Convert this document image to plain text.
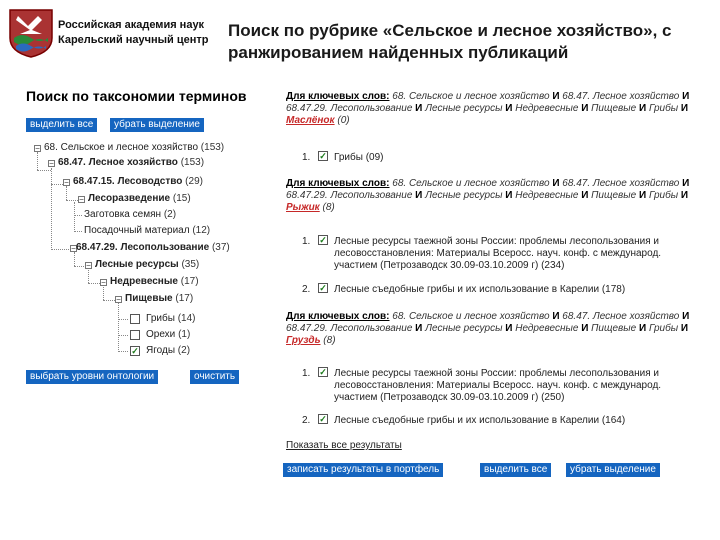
Российская академия наук
Карельский научный центр Поиск по рубрике «Сельское и лесное хозяйство», с
ранжированием найденных публикаций
Поиск по таксономии терминов
выделить все	убрать выделение
− 68. Сельское и лесное хозяйство (153)
− 68.47. Лесное хозяйство (153)
− 68.47.15. Лесоводство (29)
− Лесоразведение (15)
Заготовка семян (2)
Посадочный материал (12)
− 68.47.29. Лесопользование (37)
− Лесные ресурсы (35)
− Недревесные (17)
− Пищевые (17)
Грибы (14)
Орехи (1)
✓ Ягоды (2)
выбрать уровни онтологии	очистить
Для ключевых слов: 68. Сельское и лесное хозяйство И 68.47. Лесное хозяйство И 68.47.29. Лесопользование И Лесные ресурсы И Недревесные И Пищевые И Грибы И Маслёнок (0)
1. ✓ Грибы (09)
Для ключевых слов: 68. Сельское и лесное хозяйство И 68.47. Лесное хозяйство И 68.47.29. Лесопользование И Лесные ресурсы И Недревесные И Пищевые И Грибы И Рыжик (8)
1. ✓ Лесные ресурсы таежной зоны России: проблемы лесопользования и
лесовосстановления: Материалы Всеросс. науч. конф. с международ.
участием (Петрозаводск 30.09-03.10.2009 г) (234)
2. ✓ Лесные съедобные грибы и их использование в Карелии (178)
Для ключевых слов: 68. Сельское и лесное хозяйство И 68.47. Лесное хозяйство И 68.47.29. Лесопользование И Лесные ресурсы И Недревесные И Пищевые И Грибы И Груздь (8)
1. ✓ Лесные ресурсы таежной зоны России: проблемы лесопользования и
лесовосстановления: Материалы Всеросс. науч. конф. с международ.
участием (Петрозаводск 30.09-03.10.2009 г) (250)
2. ✓ Лесные съедобные грибы и их использование в Карелии (164)
Показать все результаты
записать результаты в портфель	выделить все	убрать выделение
